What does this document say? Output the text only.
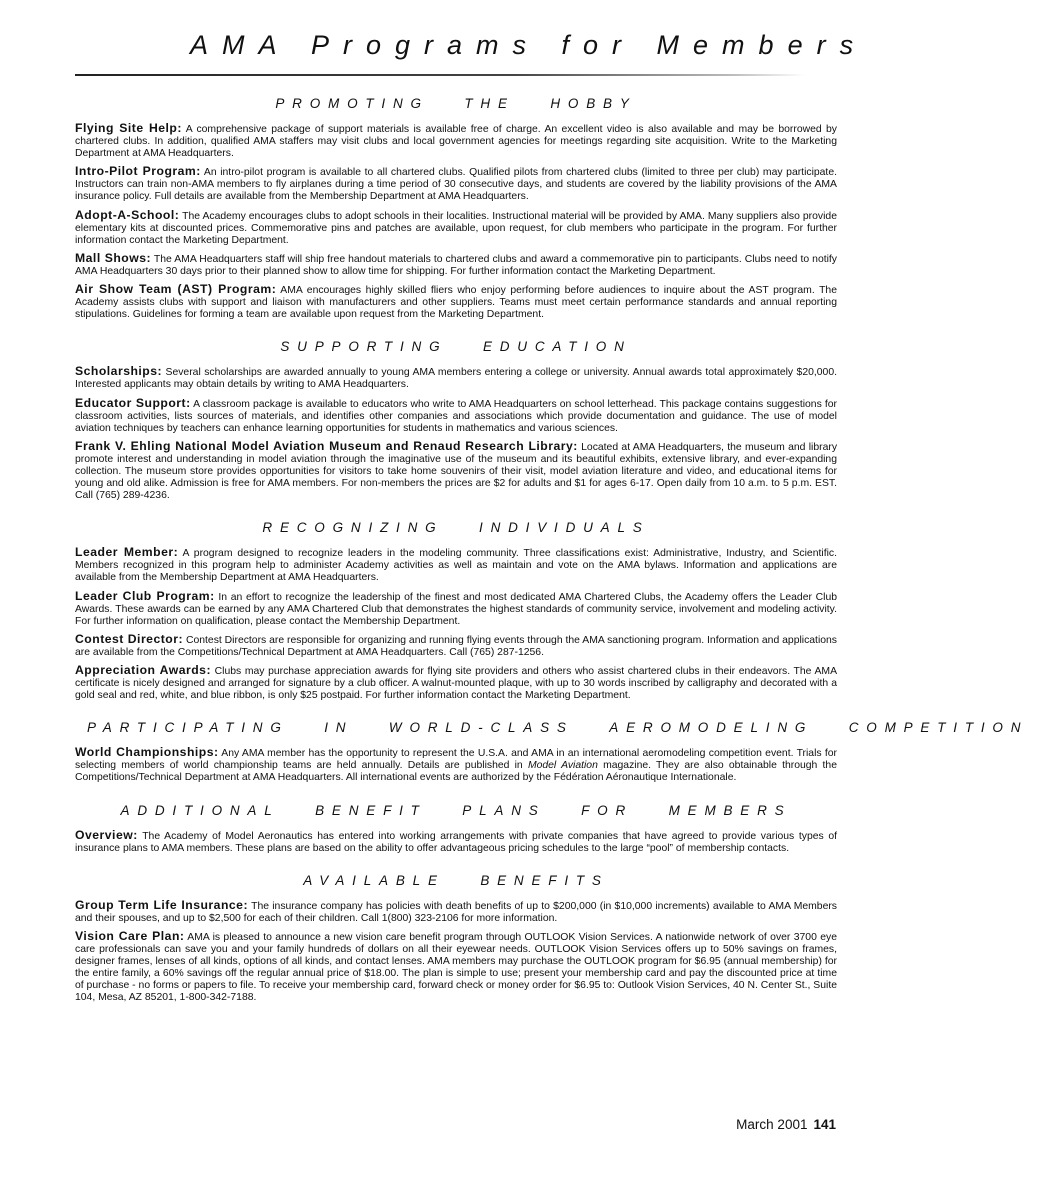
AMA Programs for Members
PROMOTING	THE	HOBBY

Flying Site Help: A comprehensive package of support materials is available free of charge. An excellent video is also available and may be borrowed by chartered clubs. In addition, qualified AMA staffers may visit clubs and local government agencies for meetings regarding site acquisition. Write to the Marketing Department at AMA Headquarters.

Intro-Pilot Program: An intro-pilot program is available to all chartered clubs. Qualified pilots from chartered clubs (limited to three per club) may participate. Instructors can train non-AMA members to fly airplanes during a time period of 30 consecutive days, and students are covered by the liability provisions of the AMA insurance policy. Full details are available from the Membership Department at AMA Headquarters.

Adopt-A-School: The Academy encourages clubs to adopt schools in their localities. Instructional material will be provided by AMA. Many suppliers also provide elementary kits at discounted prices. Commemorative pins and patches are available, upon request, for club members who participate in the program. For further information contact the Marketing Department.

Mall Shows: The AMA Headquarters staff will ship free handout materials to chartered clubs and award a commemorative pin to participants. Clubs need to notify AMA Headquarters 30 days prior to their planned show to allow time for shipping. For further information contact the Marketing Department.

Air Show Team (AST) Program: AMA encourages highly skilled fliers who enjoy performing before audiences to inquire about the AST program. The Academy assists clubs with support and liaison with manufacturers and other suppliers. Teams must meet certain performance standards and annual reporting stipulations. Guidelines for forming a team are available upon request from the Marketing Department.

SUPPORTING	EDUCATION

Scholarships: Several scholarships are awarded annually to young AMA members entering a college or university. Annual awards total approximately $20,000. Interested applicants may obtain details by writing to AMA Headquarters.

Educator Support: A classroom package is available to educators who write to AMA Headquarters on school letterhead. This package contains suggestions for classroom activities, lists sources of materials, and identifies other companies and associations which provide documentation and guidance. The use of model aviation techniques by teachers can enhance learning opportunities for students in mathematics and various sciences.

Frank V. Ehling National Model Aviation Museum and Renaud Research Library: Located at AMA Headquarters, the museum and library promote interest and understanding in model aviation through the imaginative use of the museum and its beautiful exhibits, extensive library, and ever-expanding collection. The museum store provides opportunities for visitors to take home souvenirs of their visit, model aviation literature and video, and educational items for young and old alike. Admission is free for AMA members. For non-members the prices are $2 for adults and $1 for ages 6-17. Open daily from 10 a.m. to 5 p.m. EST. Call (765) 289-4236.

RECOGNIZING	INDIVIDUALS

Leader Member: A program designed to recognize leaders in the modeling community. Three classifications exist: Administrative, Industry, and Scientific. Members recognized in this program help to administer Academy activities as well as maintain and vote on the AMA bylaws. Information and applications are available from the Membership Department at AMA Headquarters.

Leader Club Program: In an effort to recognize the leadership of the finest and most dedicated AMA Chartered Clubs, the Academy offers the Leader Club Awards. These awards can be earned by any AMA Chartered Club that demonstrates the highest standards of community service, involvement and modeling activity. For further information on qualification, please contact the Membership Department.

Contest Director: Contest Directors are responsible for organizing and running flying events through the AMA sanctioning program. Information and applications are available from the Competitions/Technical Department at AMA Headquarters. Call (765) 287-1256.

Appreciation Awards: Clubs may purchase appreciation awards for flying site providers and others who assist chartered clubs in their endeavors. The AMA certificate is nicely designed and arranged for signature by a club officer. A walnut-mounted plaque, with up to 30 words inscribed by calligraphy and decorated with a gold seal and red, white, and blue ribbon, is only $25 postpaid. For further information contact the Marketing Department.

PARTICIPATING	IN	WORLD-CLASS	AEROMODELING	COMPETITION

World Championships: Any AMA member has the opportunity to represent the U.S.A. and AMA in an international aeromodeling competition event. Trials for selecting members of world championship teams are held annually. Details are published in Model Aviation magazine. They are also obtainable through the Competitions/Technical Department at AMA Headquarters. All international events are authorized by the Fédération Aéronautique Internationale.

ADDITIONAL	BENEFIT	PLANS	FOR	MEMBERS

Overview: The Academy of Model Aeronautics has entered into working arrangements with private companies that have agreed to provide various types of insurance plans to AMA members. These plans are based on the ability to offer advantageous pricing schedules to the large “pool” of membership contacts.

AVAILABLE	BENEFITS

Group Term Life Insurance: The insurance company has policies with death benefits of up to $200,000 (in $10,000 increments) available to AMA Members and their spouses, and up to $2,500 for each of their children. Call 1(800) 323-2106 for more information.

Vision Care Plan: AMA is pleased to announce a new vision care benefit program through OUTLOOK Vision Services. A nationwide network of over 3700 eye care professionals can save you and your family hundreds of dollars on all their eyewear needs. OUTLOOK Vision Services offers up to 50% savings on frames, designer frames, lenses of all kinds, options of all kinds, and contact lenses. AMA members may purchase the OUTLOOK program for $6.95 (annual membership) for the entire family, a 60% savings off the regular annual price of $18.00. The plan is simple to use; present your membership card and pay the discounted price at time of purchase - no forms or papers to file. To receive your membership card, forward check or money order for $6.95 to: Outlook Vision Services, 40 N. Center St., Suite 104, Mesa, AZ 85201, 1-800-342-7188.

March 2001 141
